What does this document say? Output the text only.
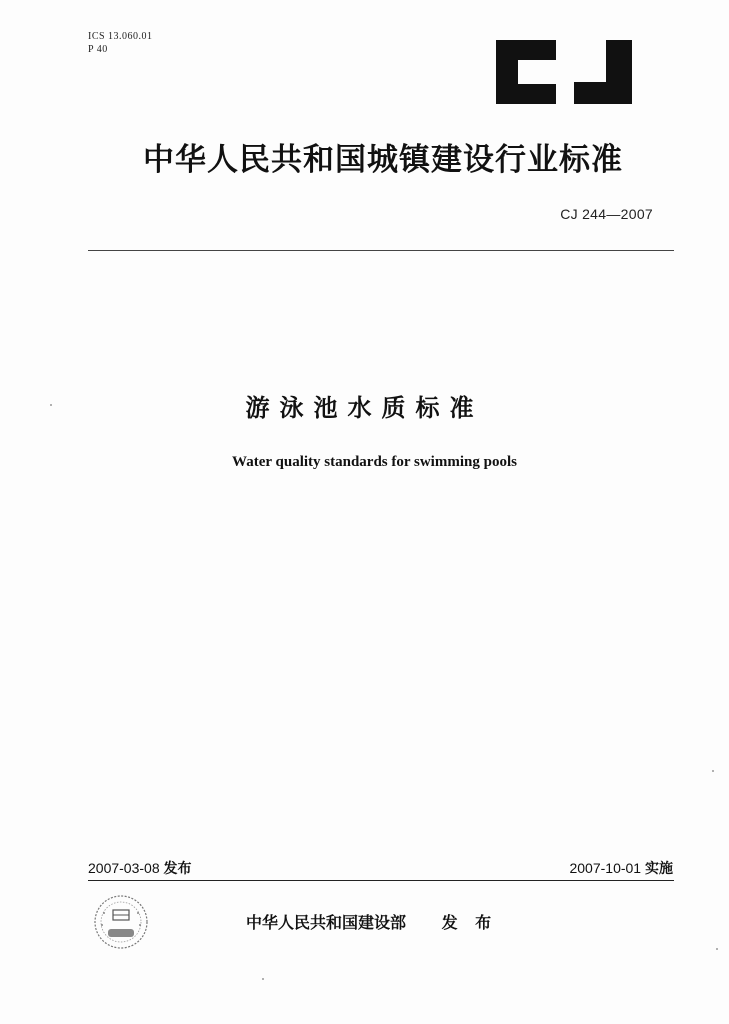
ICS 13.060.01
P 40
中华人民共和国城镇建设行业标准
CJ 244—2007
游泳池水质标准
Water quality standards for swimming pools
2007-03-08 发布	2007-10-01 实施
中华人民共和国建设部 发 布
